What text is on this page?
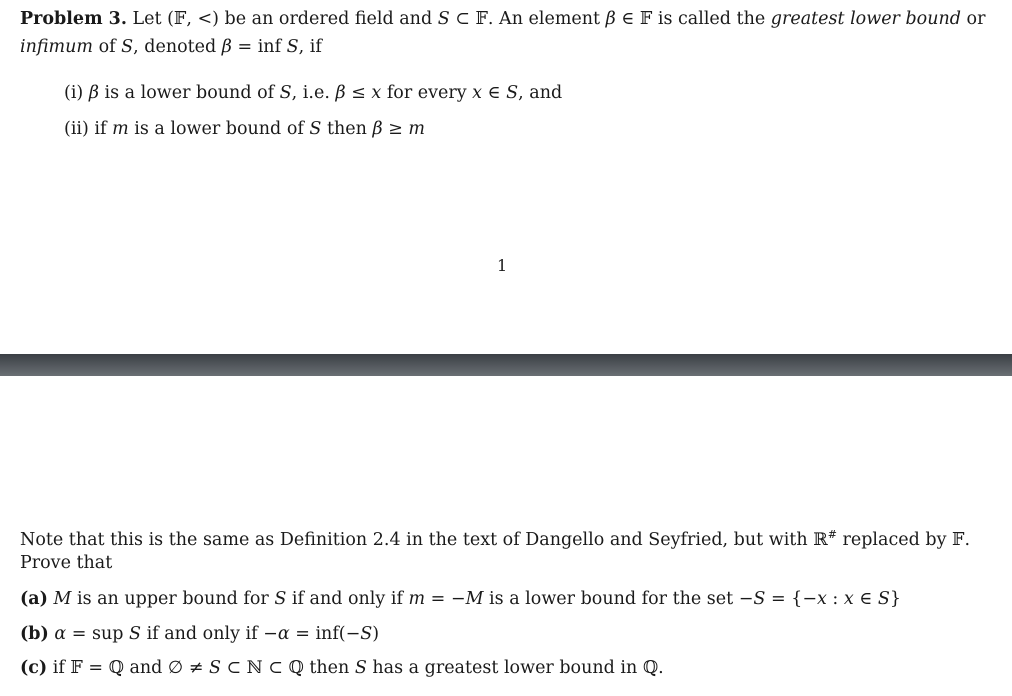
Problem 3. Let (𝔽, <) be an ordered field and S ⊂ 𝔽. An element β ∈ 𝔽 is called the greatest lower bound or
infimum of S, denoted β = inf S, if
(i) β is a lower bound of S, i.e. β ≤ x for every x ∈ S, and
(ii) if m is a lower bound of S then β ≥ m
1
Note that this is the same as Definition 2.4 in the text of Dangello and Seyfried, but with ℝ# replaced by 𝔽.
Prove that
(a) M is an upper bound for S if and only if m = −M is a lower bound for the set −S = {−x : x ∈ S}
(b) α = sup S if and only if −α = inf(−S)
(c) if 𝔽 = ℚ and ∅ ≠ S ⊂ ℕ ⊂ ℚ then S has a greatest lower bound in ℚ.
